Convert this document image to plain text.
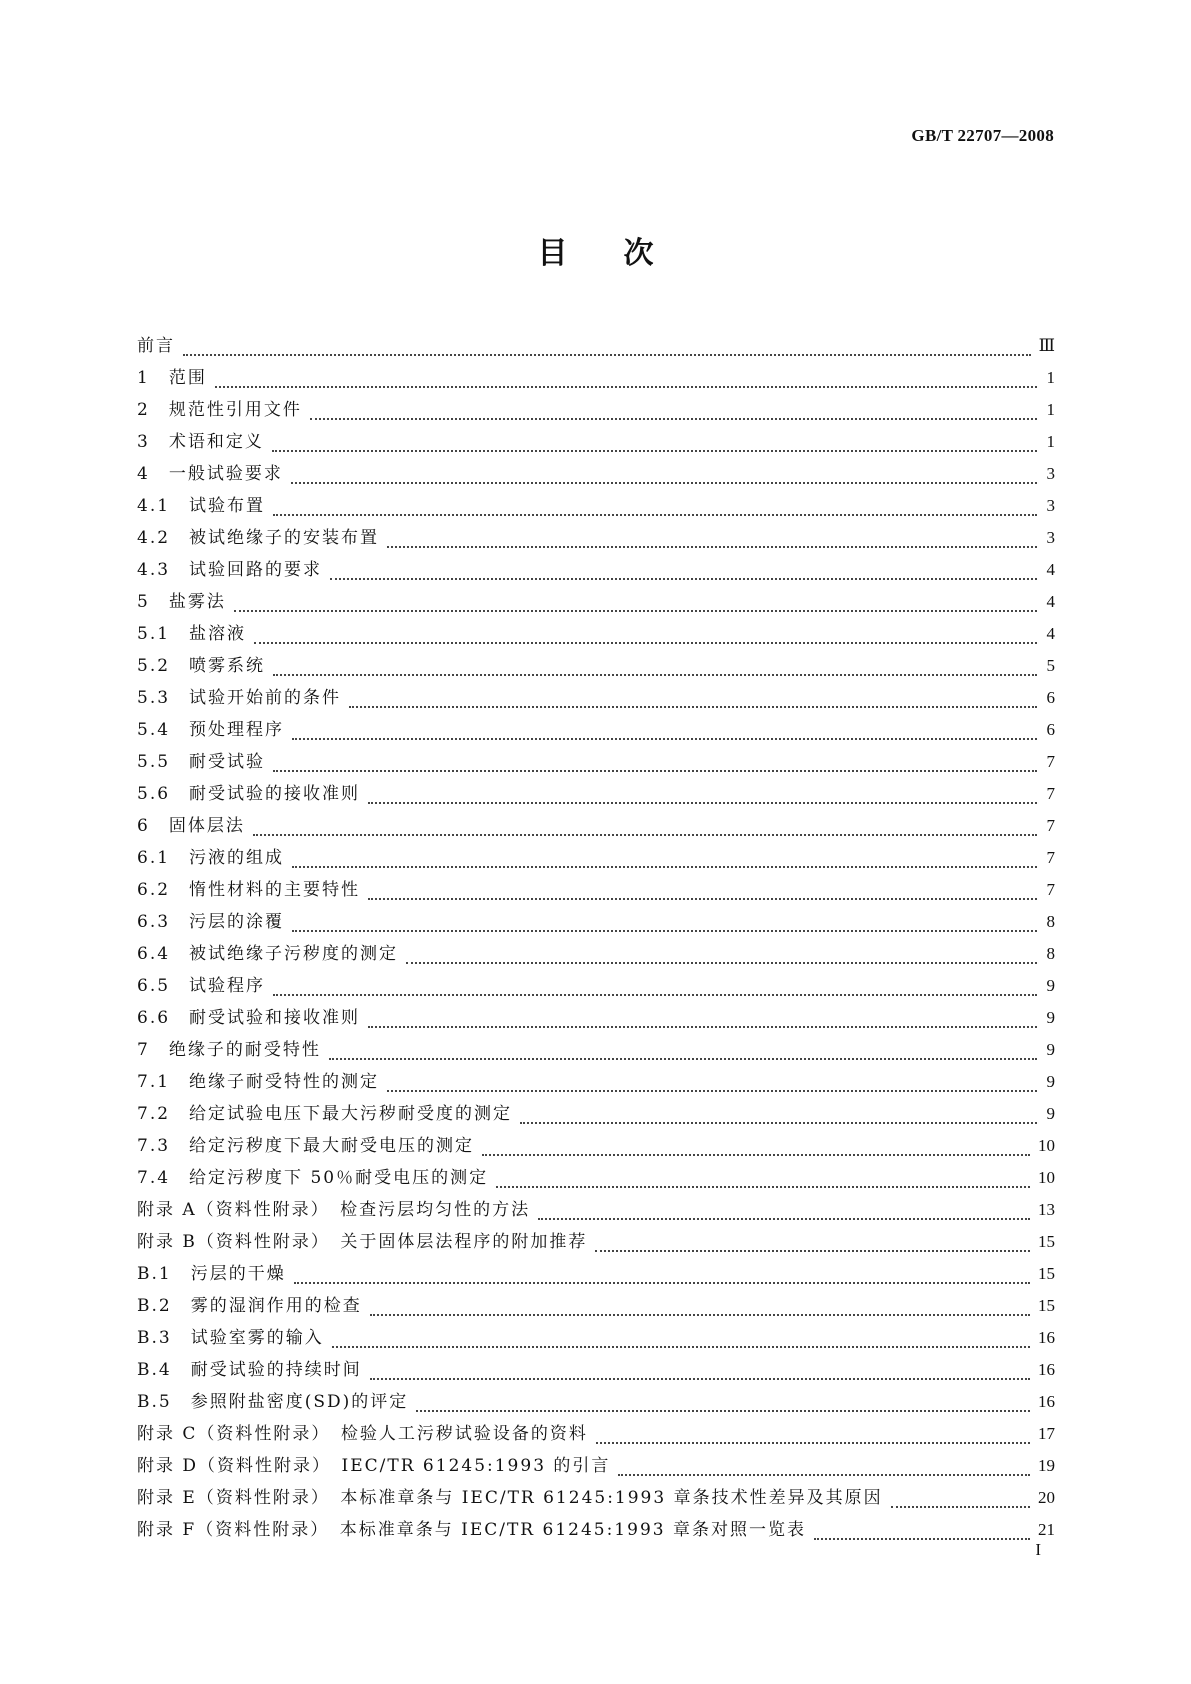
GB/T 22707—2008
目次
前言	Ⅲ
1　范围	1
2　规范性引用文件	1
3　术语和定义	1
4　一般试验要求	3
4.1　试验布置	3
4.2　被试绝缘子的安装布置	3
4.3　试验回路的要求	4
5　盐雾法	4
5.1　盐溶液	4
5.2　喷雾系统	5
5.3　试验开始前的条件	6
5.4　预处理程序	6
5.5　耐受试验	7
5.6　耐受试验的接收准则	7
6　固体层法	7
6.1　污液的组成	7
6.2　惰性材料的主要特性	7
6.3　污层的涂覆	8
6.4　被试绝缘子污秽度的测定	8
6.5　试验程序	9
6.6　耐受试验和接收准则	9
7　绝缘子的耐受特性	9
7.1　绝缘子耐受特性的测定	9
7.2　给定试验电压下最大污秽耐受度的测定	9
7.3　给定污秽度下最大耐受电压的测定	10
7.4　给定污秽度下 50％耐受电压的测定	10
附录 A（资料性附录）　检查污层均匀性的方法	13
附录 B（资料性附录）　关于固体层法程序的附加推荐	15
B.1　污层的干燥	15
B.2　雾的湿润作用的检查	15
B.3　试验室雾的输入	16
B.4　耐受试验的持续时间	16
B.5　参照附盐密度(SD)的评定	16
附录 C（资料性附录）　检验人工污秽试验设备的资料	17
附录 D（资料性附录）　IEC/TR 61245:1993 的引言	19
附录 E（资料性附录）　本标准章条与 IEC/TR 61245:1993 章条技术性差异及其原因	20
附录 F（资料性附录）　本标准章条与 IEC/TR 61245:1993 章条对照一览表	21
I
